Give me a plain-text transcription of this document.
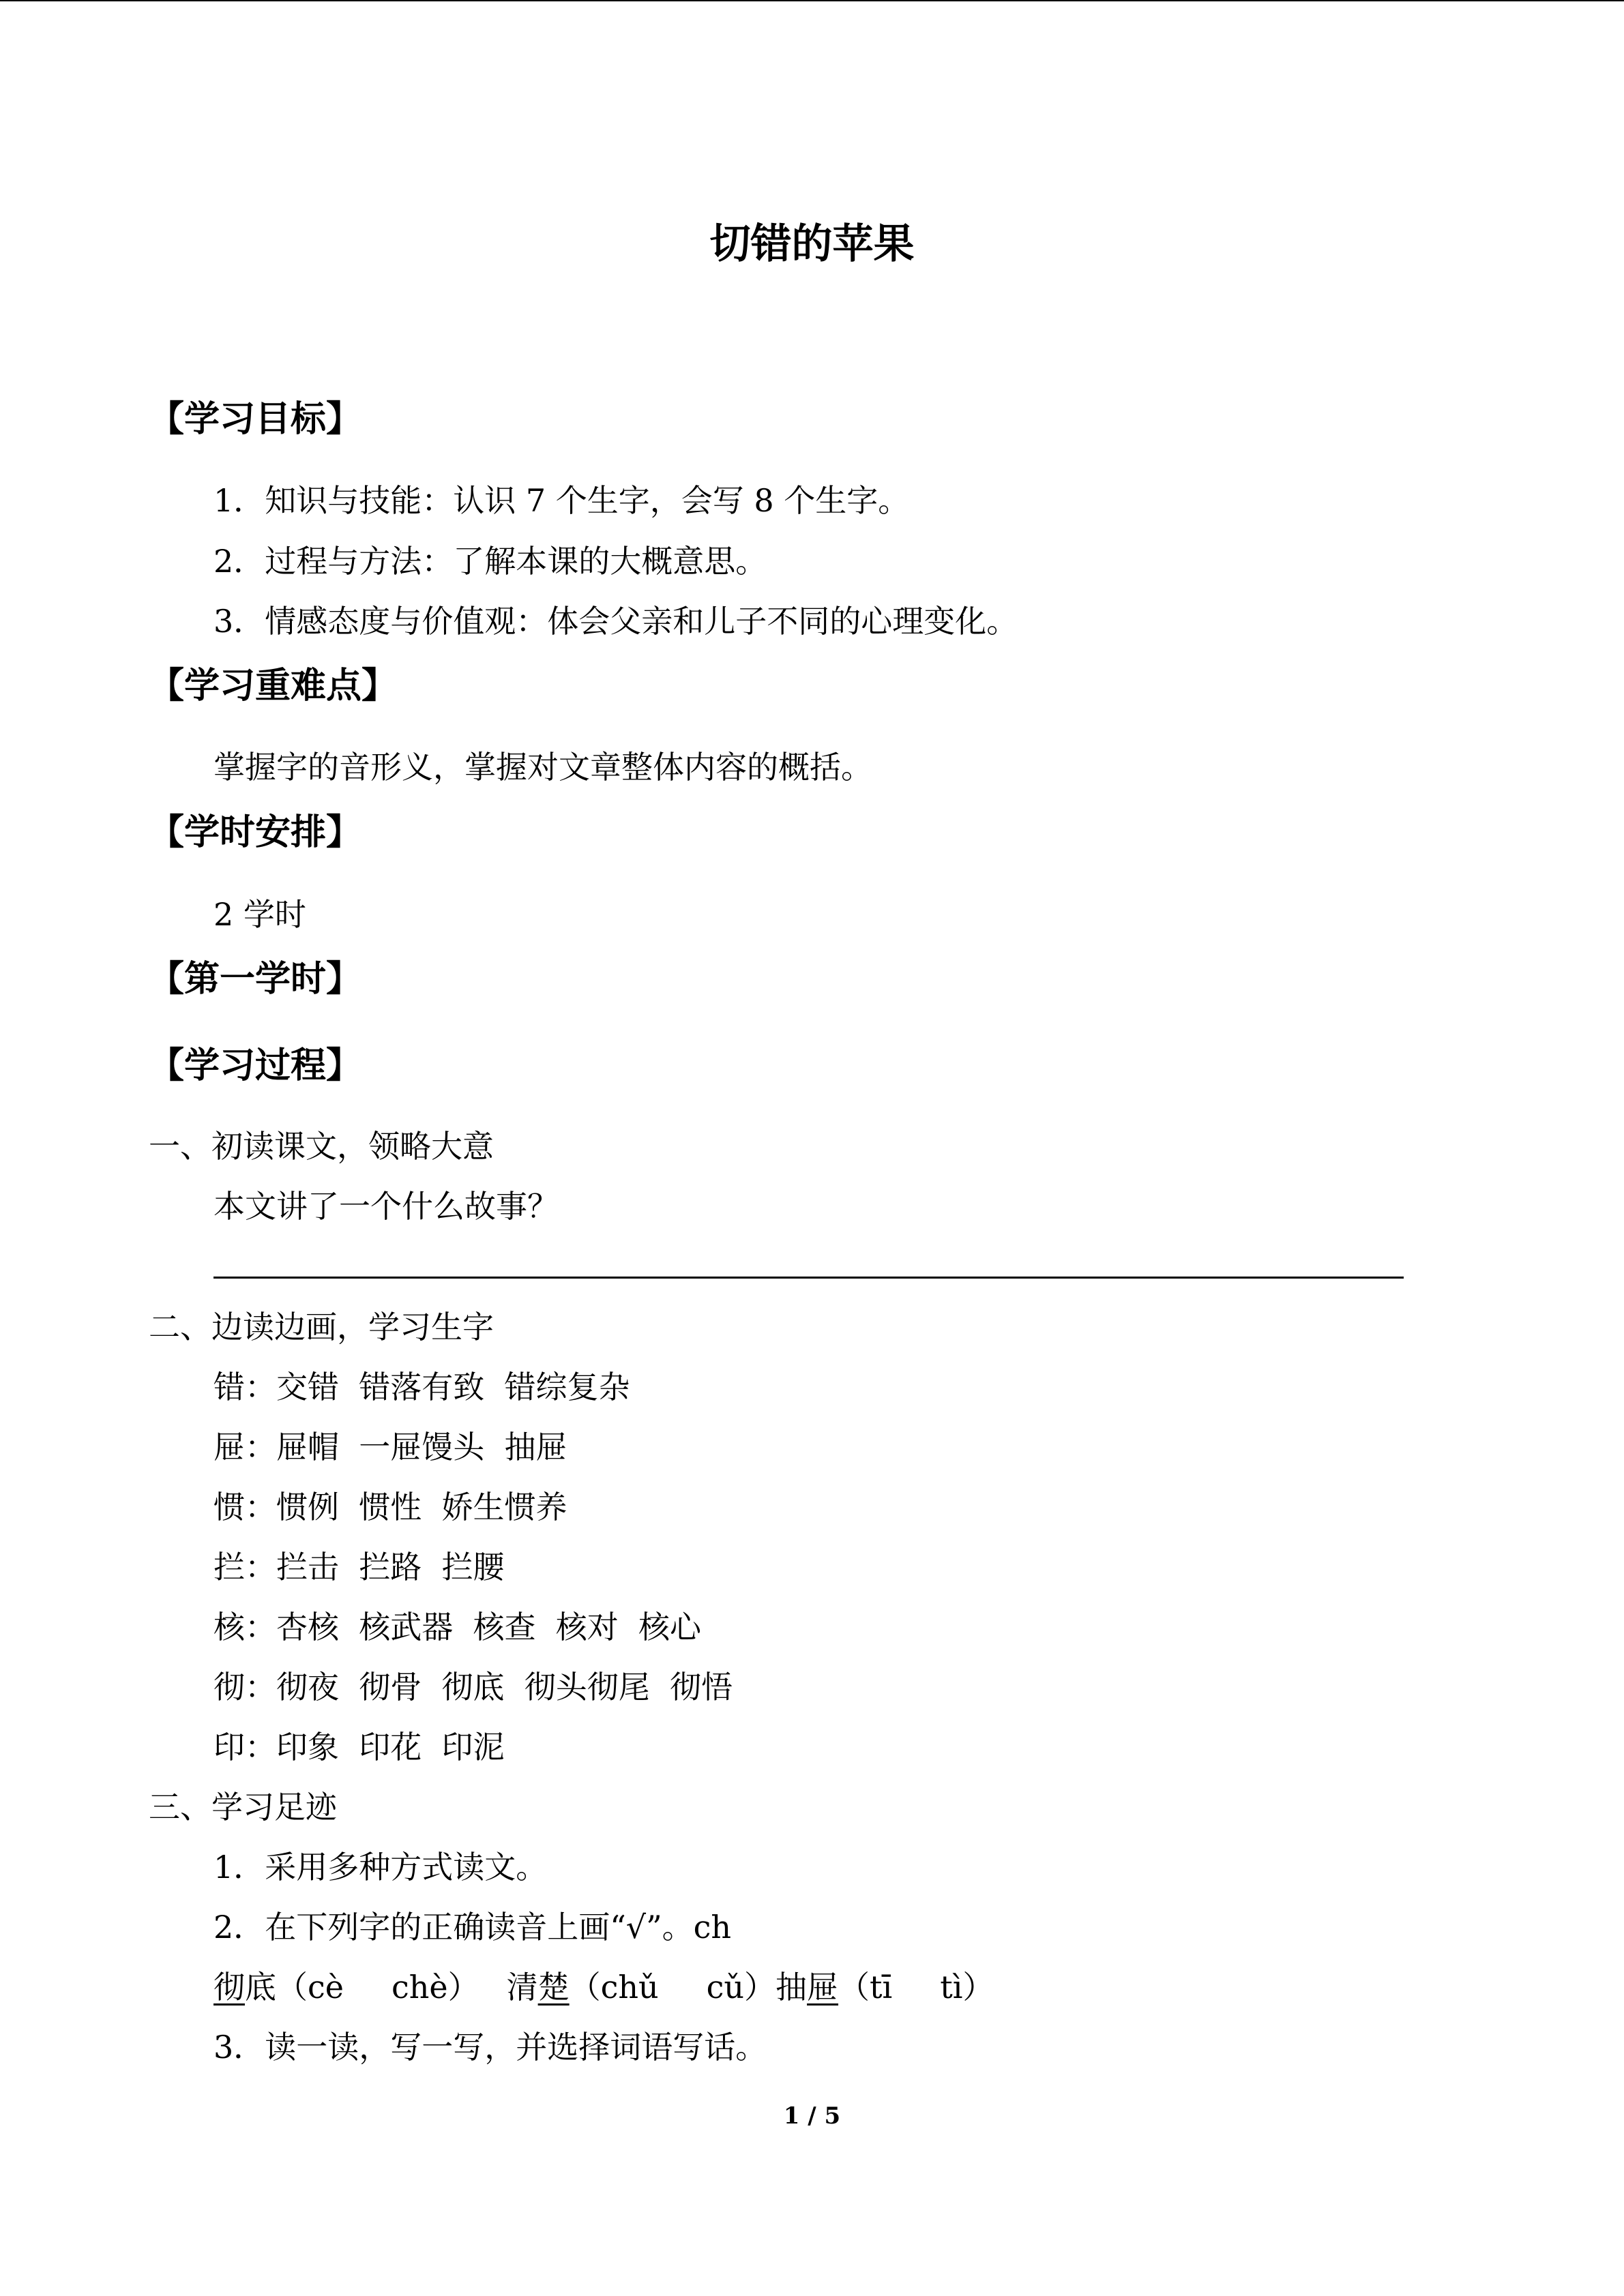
切错的苹果
【学习目标】
1．知识与技能：认识 7 个生字，会写 8 个生字。
2．过程与方法：了解本课的大概意思。
3．情感态度与价值观：体会父亲和儿子不同的心理变化。
【学习重难点】
掌握字的音形义，掌握对文章整体内容的概括。
【学时安排】
2 学时
【第一学时】
【学习过程】
一、初读课文，领略大意
本文讲了一个什么故事？
二、边读边画，学习生字
错：交错  错落有致  错综复杂
屉：屉帽  一屉馒头  抽屉
惯：惯例  惯性  娇生惯养
拦：拦击  拦路  拦腰
核：杏核  核武器  核查  核对  核心
彻：彻夜  彻骨  彻底  彻头彻尾  彻悟
印：印象  印花  印泥
三、学习足迹
1．采用多种方式读文。
2．在下列字的正确读音上画“√”。ch
彻底（cè chè） 清楚（chǔ cǔ）抽屉（tī tì）
3．读一读，写一写，并选择词语写话。
1 / 5
